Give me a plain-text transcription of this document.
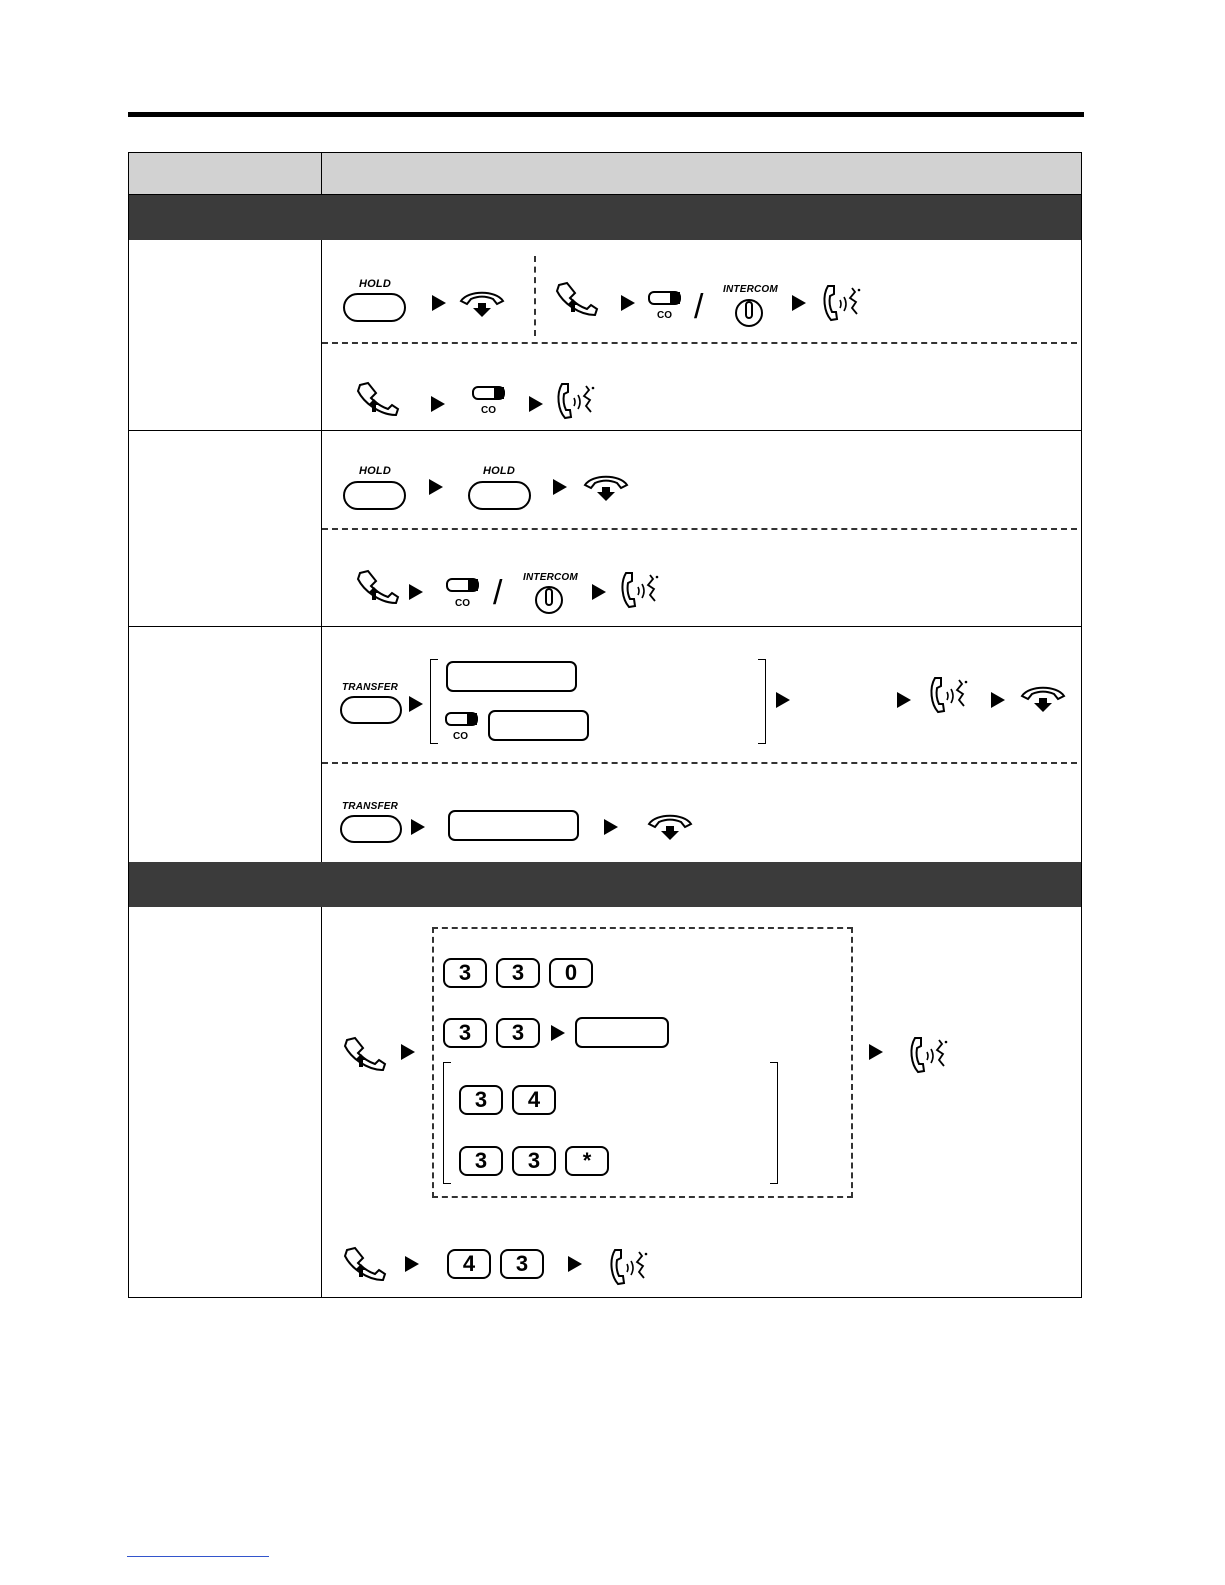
HOLD
CO / INTERCOM
CO
HOLD	HOLD
CO / INTERCOM
TRANSFER
CO
TRANSFER
3	3	0
3	3
3	4
3	3	*
4	3
